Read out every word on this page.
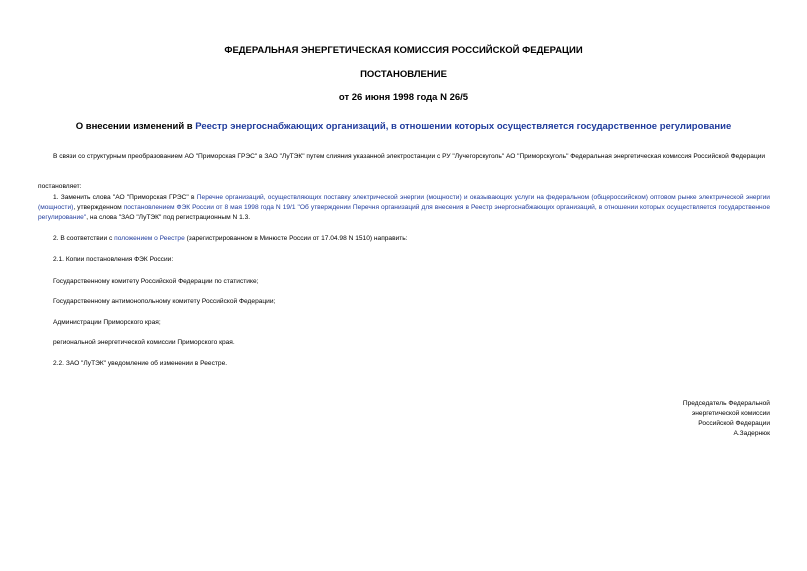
ФЕДЕРАЛЬНАЯ ЭНЕРГЕТИЧЕСКАЯ КОМИССИЯ РОССИЙСКОЙ ФЕДЕРАЦИИ
ПОСТАНОВЛЕНИЕ
от 26 июня 1998 года N 26/5
О внесении изменений в Реестр энергоснабжающих организаций, в отношении которых осуществляется государственное регулирование
В связи со структурным преобразованием АО "Приморская ГРЭС" в ЗАО "ЛуТЭК" путем слияния указанной электростанции с РУ "Лучегорскуголь" АО "Приморскуголь" Федеральная энергетическая комиссия Российской Федерации
постановляет:
1. Заменить слова "АО "Приморская ГРЭС" в Перечне организаций, осуществляющих поставку электрической энергии (мощности) и оказывающих услуги на федеральном (общероссийском) оптовом рынке электрической энергии (мощности), утвержденном постановлением ФЭК России от 8 мая 1998 года N 19/1 "Об утверждении Перечня организаций для внесения в Реестр энергоснабжающих организаций, в отношении которых осуществляется государственное регулирование", на слова "ЗАО "ЛуТЭК" под регистрационным N 1.3.
2. В соответствии с положением о Реестре (зарегистрированном в Минюсте России от 17.04.98 N 1510) направить:
2.1. Копии постановления ФЭК России:
Государственному комитету Российской Федерации по статистике;
Государственному антимонопольному комитету Российской Федерации;
Администрации Приморского края;
региональной энергетической комиссии Приморского края.
2.2. ЗАО "ЛуТЭК" уведомление об изменении в Реестре.
Председатель Федеральной
энергетической комиссии
Российской Федерации
А.Задернюк
